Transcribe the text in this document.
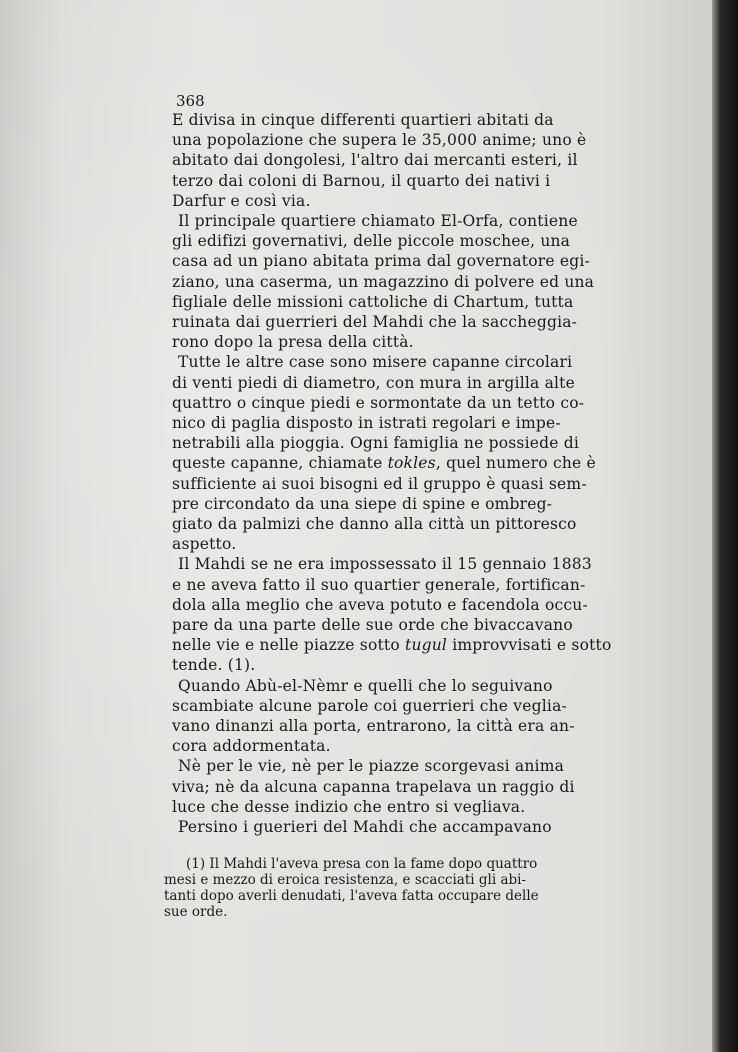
368
E divisa in cinque differenti quartieri abitati da
una popolazione che supera le 35,000 anime; uno è
abitato dai dongolesi, l'altro dai mercanti esteri, il
terzo dai coloni di Barnou, il quarto dei nativi i
Darfur e così via.
Il principale quartiere chiamato El-Orfa, contiene
gli edifizi governativi, delle piccole moschee, una
casa ad un piano abitata prima dal governatore egi-
ziano, una caserma, un magazzino di polvere ed una
figliale delle missioni cattoliche di Chartum, tutta
ruinata dai guerrieri del Mahdi che la saccheggia-
rono dopo la presa della città.
Tutte le altre case sono misere capanne circolari
di venti piedi di diametro, con mura in argilla alte
quattro o cinque piedi e sormontate da un tetto co-
nico di paglia disposto in istrati regolari e impe-
netrabili alla pioggia. Ogni famiglia ne possiede di
queste capanne, chiamate tokles, quel numero che è
sufficiente ai suoi bisogni ed il gruppo è quasi sem-
pre circondato da una siepe di spine e ombreg-
giato da palmizi che danno alla città un pittoresco
aspetto.
Il Mahdi se ne era impossessato il 15 gennaio 1883
e ne aveva fatto il suo quartier generale, fortifican-
dola alla meglio che aveva potuto e facendola occu-
pare da una parte delle sue orde che bivaccavano
nelle vie e nelle piazze sotto tugul improvvisati e sotto
tende. (1).
Quando Abù-el-Nèmr e quelli che lo seguivano
scambiate alcune parole coi guerrieri che veglia-
vano dinanzi alla porta, entrarono, la città era an-
cora addormentata.
Nè per le vie, nè per le piazze scorgevasi anima
viva; nè da alcuna capanna trapelava un raggio di
luce che desse indizio che entro si vegliava.
Persino i guerieri del Mahdi che accampavano
(1) Il Mahdi l'aveva presa con la fame dopo quattro
mesi e mezzo di eroica resistenza, e scacciati gli abi-
tanti dopo averli denudati, l'aveva fatta occupare delle
sue orde.
